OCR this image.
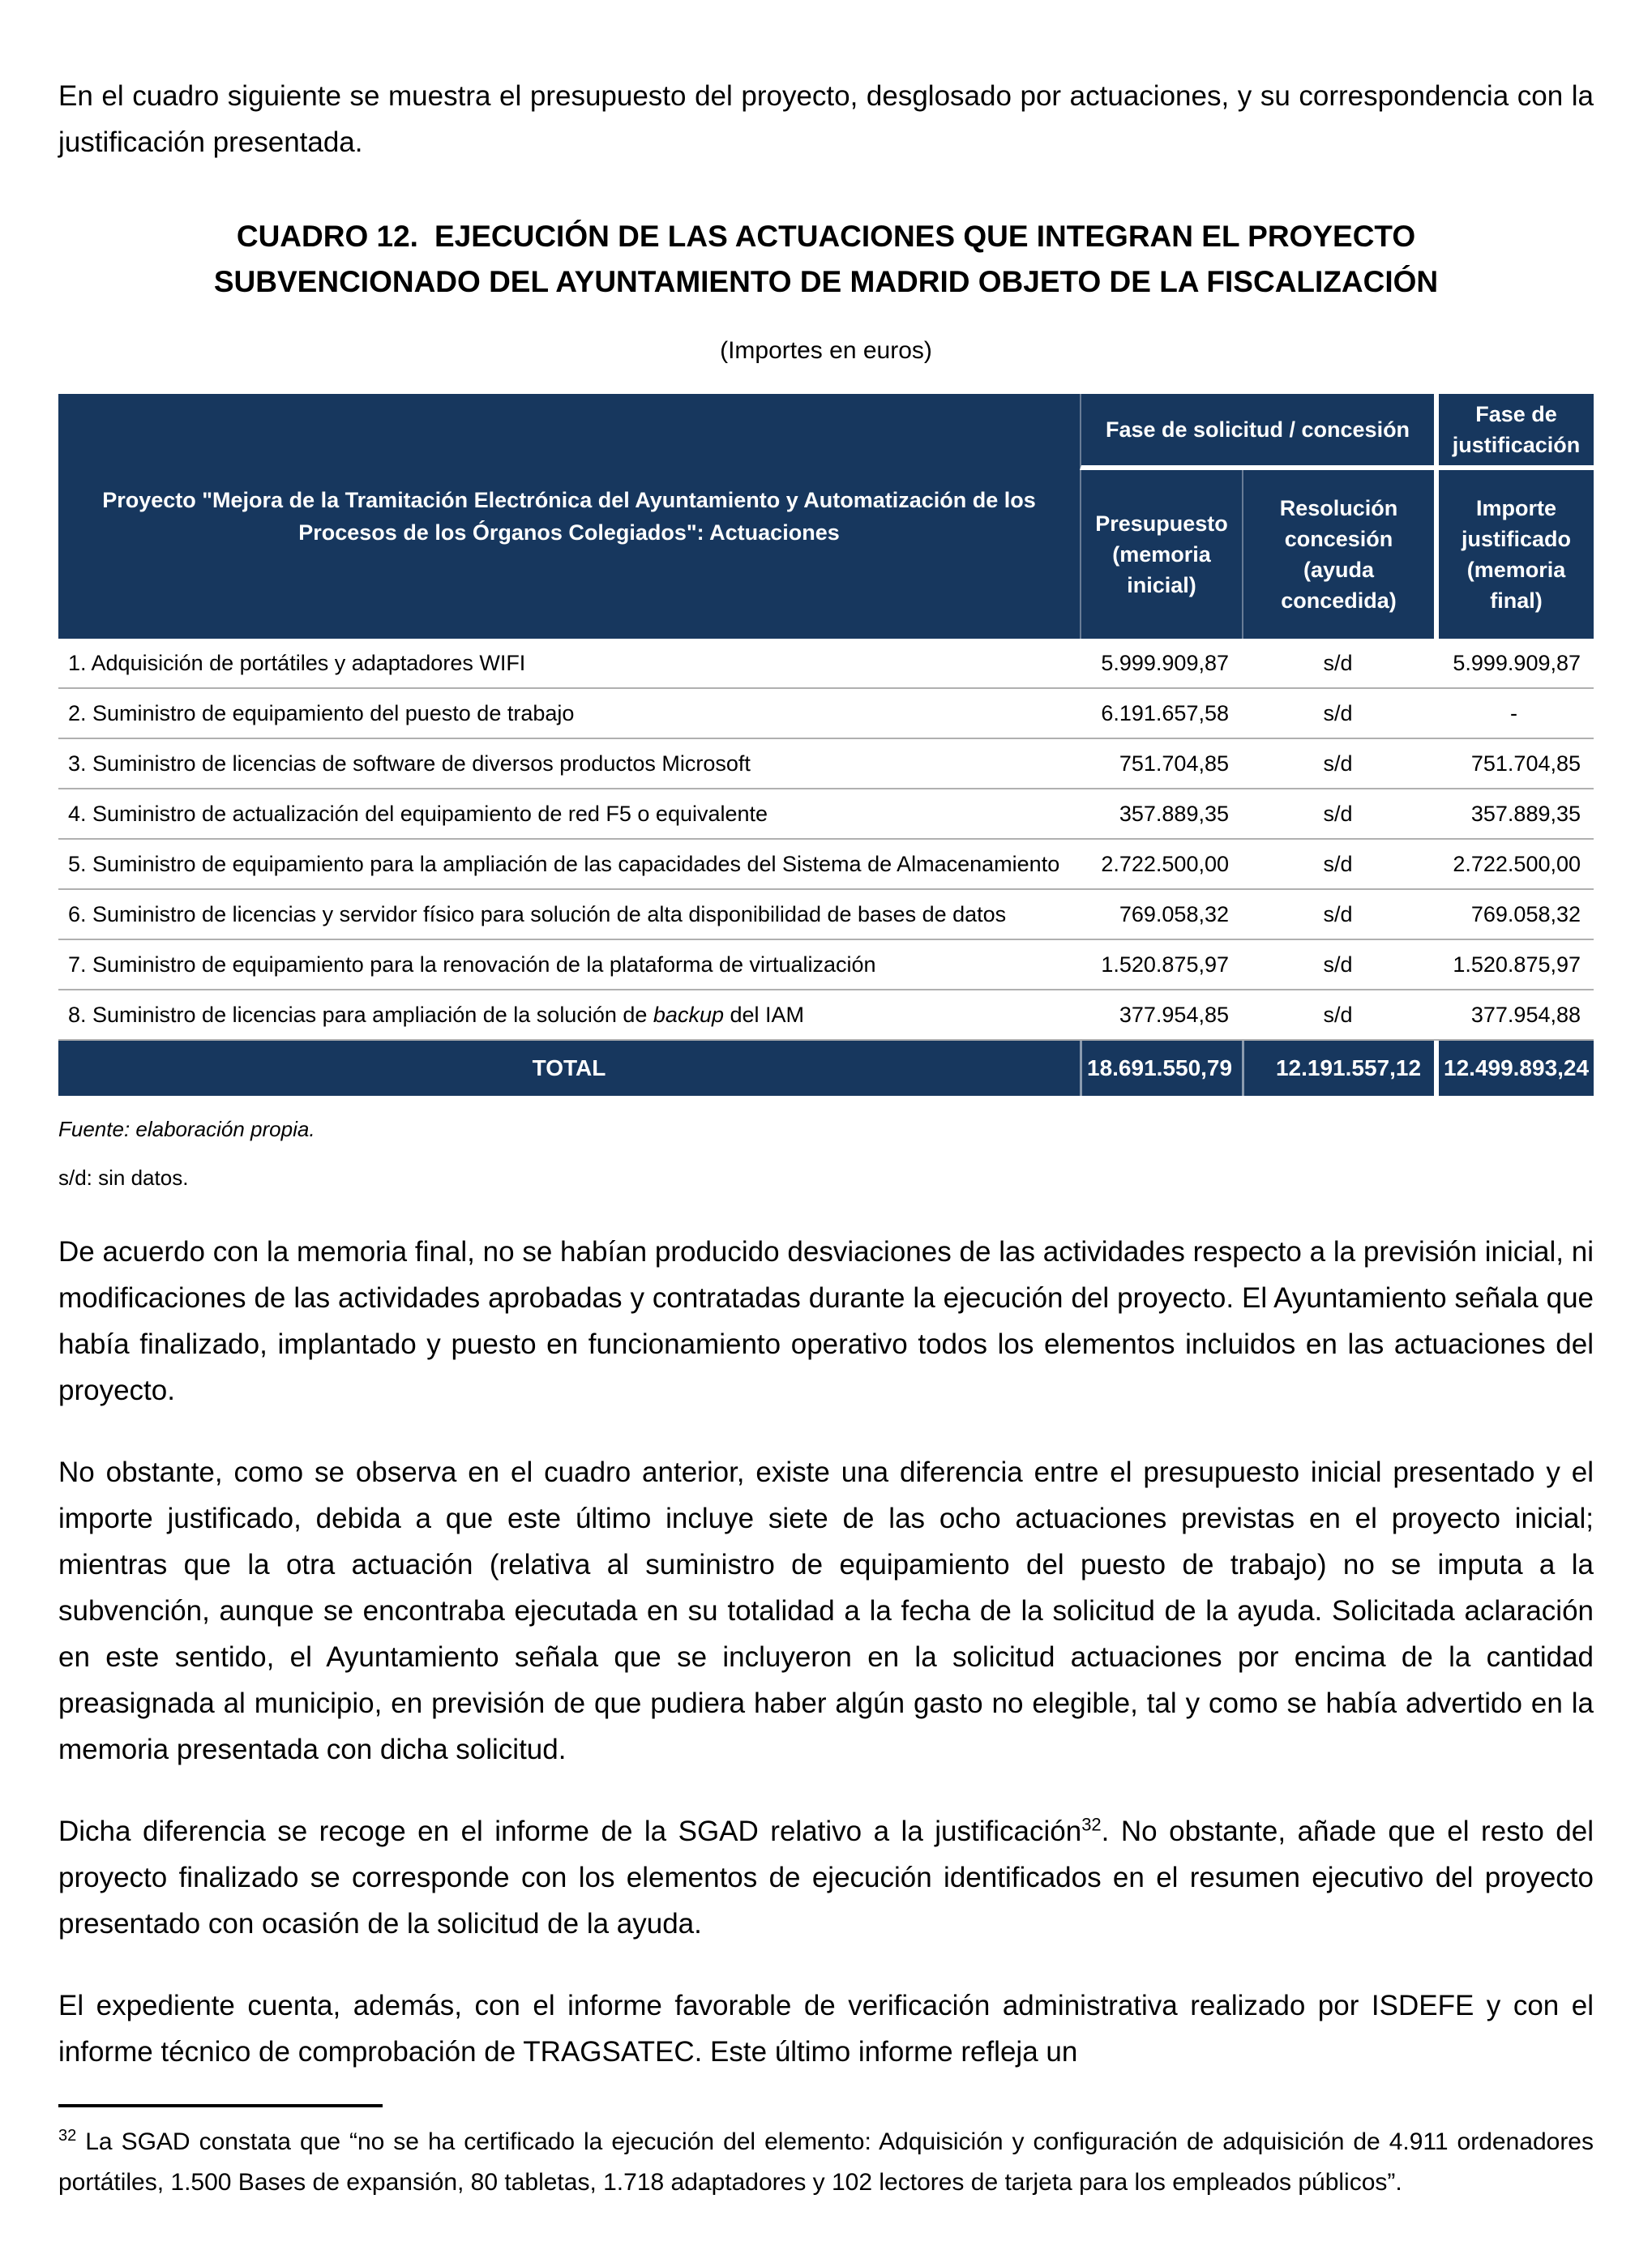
En el cuadro siguiente se muestra el presupuesto del proyecto, desglosado por actuaciones, y su correspondencia con la justificación presentada.

CUADRO 12. EJECUCIÓN DE LAS ACTUACIONES QUE INTEGRAN EL PROYECTO
SUBVENCIONADO DEL AYUNTAMIENTO DE MADRID OBJETO DE LA FISCALIZACIÓN

(Importes en euros)

Proyecto "Mejora de la Tramitación Electrónica del Ayuntamiento y Automatización de los Procesos de los Órganos Colegiados": Actuaciones	Fase de solicitud / concesión		Fase de justificación
	Presupuesto (memoria inicial)	Resolución concesión (ayuda concedida)	Importe justificado (memoria final)
1. Adquisición de portátiles y adaptadores WIFI	5.999.909,87	s/d	5.999.909,87
2. Suministro de equipamiento del puesto de trabajo	6.191.657,58	s/d	-
3. Suministro de licencias de software de diversos productos Microsoft	751.704,85	s/d	751.704,85
4. Suministro de actualización del equipamiento de red F5 o equivalente	357.889,35	s/d	357.889,35
5. Suministro de equipamiento para la ampliación de las capacidades del Sistema de Almacenamiento	2.722.500,00	s/d	2.722.500,00
6. Suministro de licencias y servidor físico para solución de alta disponibilidad de bases de datos	769.058,32	s/d	769.058,32
7. Suministro de equipamiento para la renovación de la plataforma de virtualización	1.520.875,97	s/d	1.520.875,97
8. Suministro de licencias para ampliación de la solución de backup del IAM	377.954,85	s/d	377.954,88
TOTAL	18.691.550,79	12.191.557,12	12.499.893,24

Fuente: elaboración propia.

s/d: sin datos.

De acuerdo con la memoria final, no se habían producido desviaciones de las actividades respecto a la previsión inicial, ni modificaciones de las actividades aprobadas y contratadas durante la ejecución del proyecto. El Ayuntamiento señala que había finalizado, implantado y puesto en funcionamiento operativo todos los elementos incluidos en las actuaciones del proyecto.

No obstante, como se observa en el cuadro anterior, existe una diferencia entre el presupuesto inicial presentado y el importe justificado, debida a que este último incluye siete de las ocho actuaciones previstas en el proyecto inicial; mientras que la otra actuación (relativa al suministro de equipamiento del puesto de trabajo) no se imputa a la subvención, aunque se encontraba ejecutada en su totalidad a la fecha de la solicitud de la ayuda. Solicitada aclaración en este sentido, el Ayuntamiento señala que se incluyeron en la solicitud actuaciones por encima de la cantidad preasignada al municipio, en previsión de que pudiera haber algún gasto no elegible, tal y como se había advertido en la memoria presentada con dicha solicitud.

Dicha diferencia se recoge en el informe de la SGAD relativo a la justificación$^{32}$. No obstante, añade que el resto del proyecto finalizado se corresponde con los elementos de ejecución identificados en el resumen ejecutivo del proyecto presentado con ocasión de la solicitud de la ayuda.

El expediente cuenta, además, con el informe favorable de verificación administrativa realizado por ISDEFE y con el informe técnico de comprobación de TRAGSATEC. Este último informe refleja un

$^{32}$ La SGAD constata que “no se ha certificado la ejecución del elemento: Adquisición y configuración de adquisición de 4.911 ordenadores portátiles, 1.500 Bases de expansión, 80 tabletas, 1.718 adaptadores y 102 lectores de tarjeta para los empleados públicos”.
